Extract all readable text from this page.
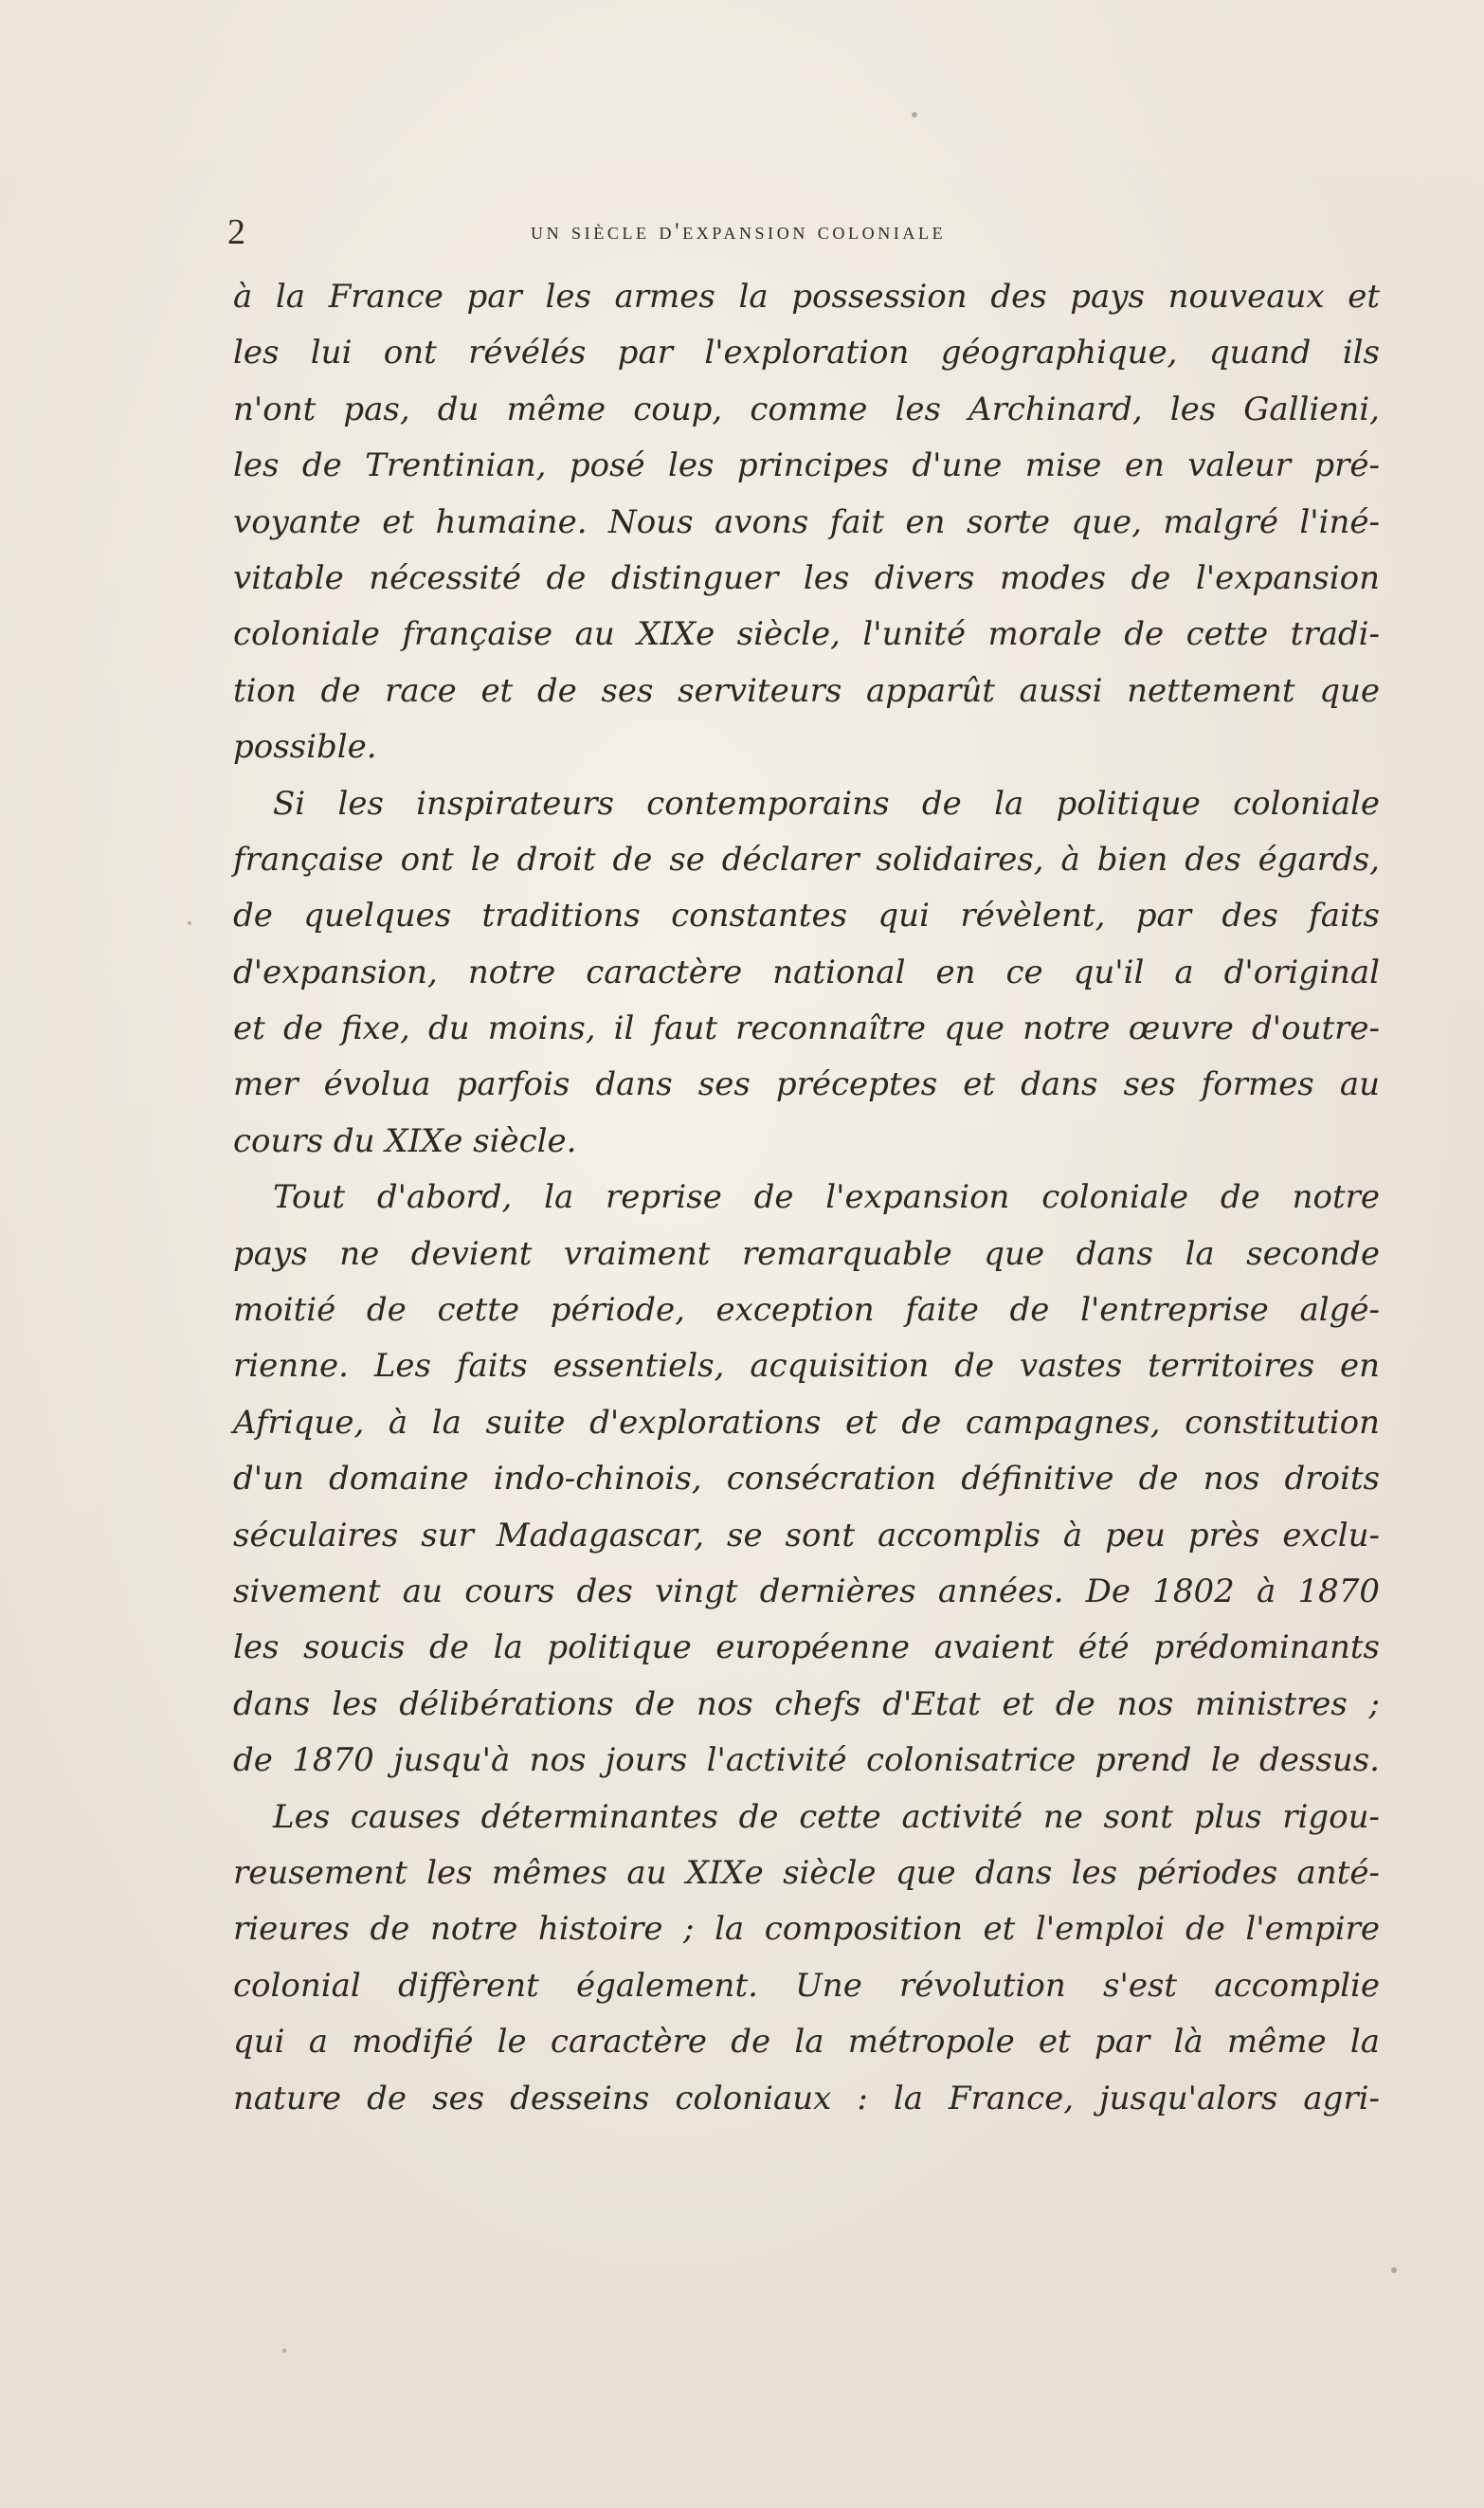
2	un siècle d'expansion coloniale
à la France par les armes la possession des pays nouveaux et
les lui ont révélés par l'exploration géographique, quand ils
n'ont pas, du même coup, comme les Archinard, les Gallieni,
les de Trentinian, posé les principes d'une mise en valeur pré-
voyante et humaine. Nous avons fait en sorte que, malgré l'iné-
vitable nécessité de distinguer les divers modes de l'expansion
coloniale française au XIXe siècle, l'unité morale de cette tradi-
tion de race et de ses serviteurs apparût aussi nettement que
possible.
Si les inspirateurs contemporains de la politique coloniale
française ont le droit de se déclarer solidaires, à bien des égards,
de quelques traditions constantes qui révèlent, par des faits
d'expansion, notre caractère national en ce qu'il a d'original
et de fixe, du moins, il faut reconnaître que notre œuvre d'outre-
mer évolua parfois dans ses préceptes et dans ses formes au
cours du XIXe siècle.
Tout d'abord, la reprise de l'expansion coloniale de notre
pays ne devient vraiment remarquable que dans la seconde
moitié de cette période, exception faite de l'entreprise algé-
rienne. Les faits essentiels, acquisition de vastes territoires en
Afrique, à la suite d'explorations et de campagnes, constitution
d'un domaine indo-chinois, consécration définitive de nos droits
séculaires sur Madagascar, se sont accomplis à peu près exclu-
sivement au cours des vingt dernières années. De 1802 à 1870
les soucis de la politique européenne avaient été prédominants
dans les délibérations de nos chefs d'Etat et de nos ministres ;
de 1870 jusqu'à nos jours l'activité colonisatrice prend le dessus.
Les causes déterminantes de cette activité ne sont plus rigou-
reusement les mêmes au XIXe siècle que dans les périodes anté-
rieures de notre histoire ; la composition et l'emploi de l'empire
colonial diffèrent également. Une révolution s'est accomplie
qui a modifié le caractère de la métropole et par là même la
nature de ses desseins coloniaux : la France, jusqu'alors agri-
